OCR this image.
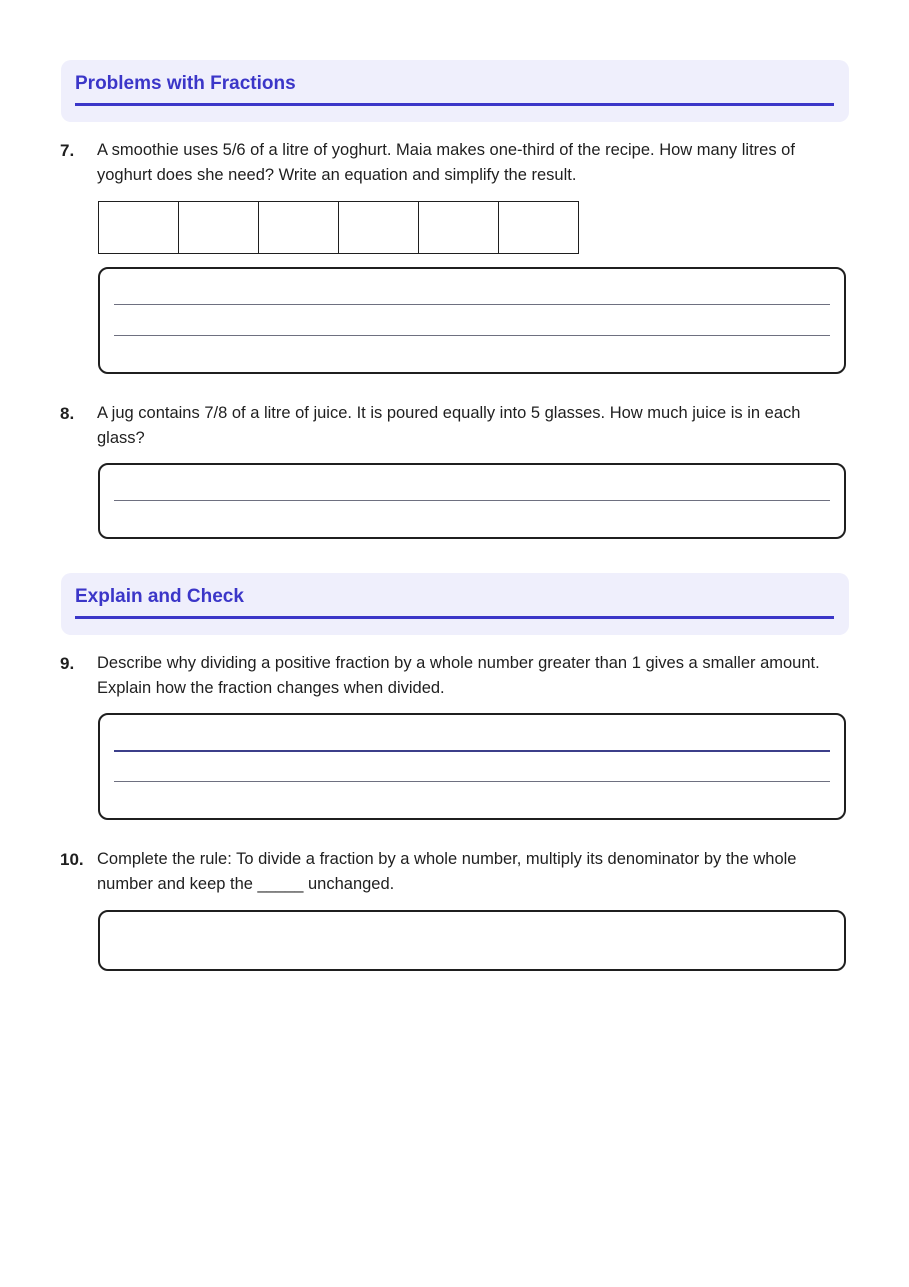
Problems with Fractions
7. A smoothie uses 5/6 of a litre of yoghurt. Maia makes one-third of the recipe. How many litres of yoghurt does she need? Write an equation and simplify the result.
8. A jug contains 7/8 of a litre of juice. It is poured equally into 5 glasses. How much juice is in each glass?
Explain and Check
9. Describe why dividing a positive fraction by a whole number greater than 1 gives a smaller amount. Explain how the fraction changes when divided.
10. Complete the rule: To divide a fraction by a whole number, multiply its denominator by the whole number and keep the _____ unchanged.
